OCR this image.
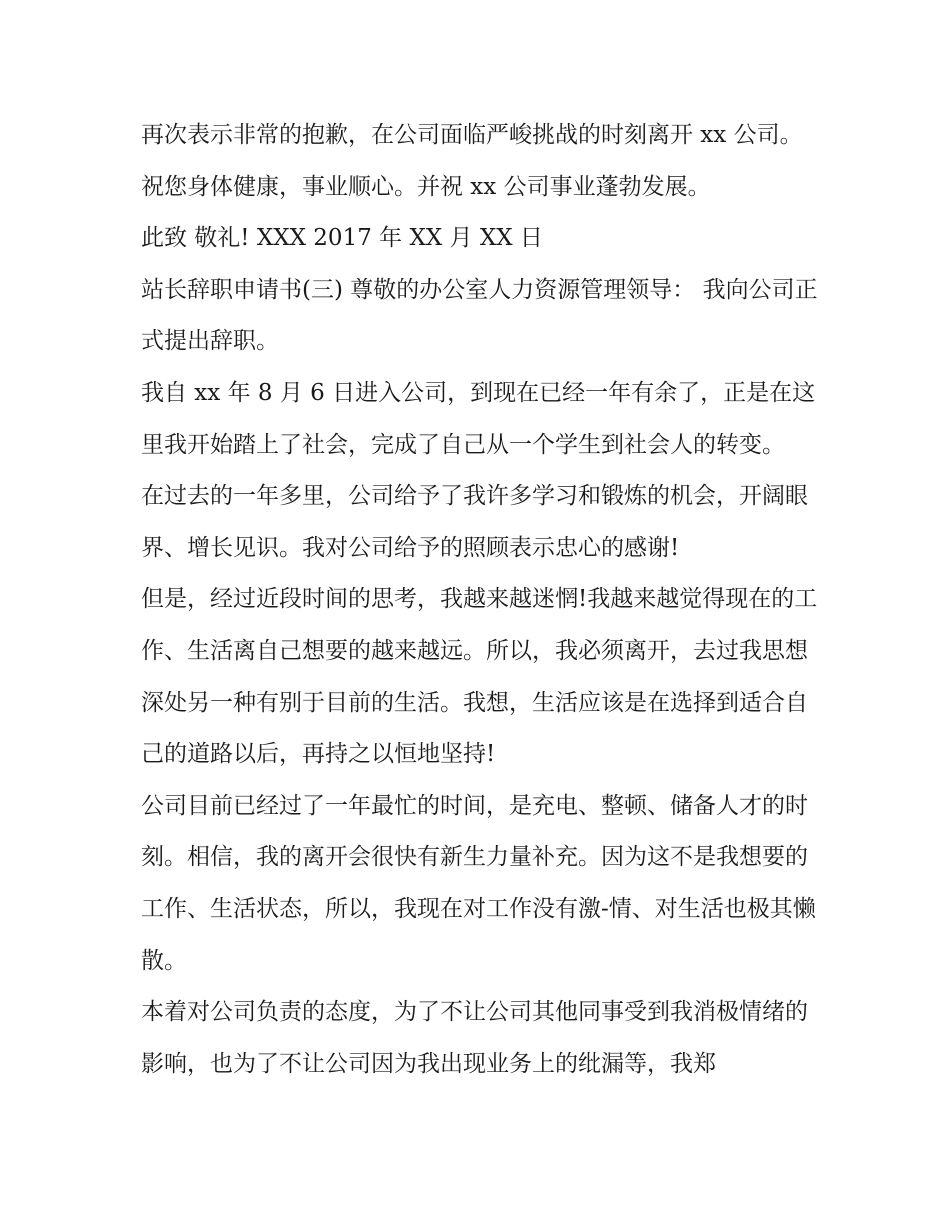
再次表示非常的抱歉，在公司面临严峻挑战的时刻离开 xx 公司。祝您身体健康，事业顺心。并祝 xx 公司事业蓬勃发展。

此致 敬礼! XXX 2017 年 XX 月 XX 日

站长辞职申请书(三) 尊敬的办公室人力资源管理领导： 我向公司正式提出辞职。

我自 xx 年 8 月 6 日进入公司，到现在已经一年有余了，正是在这里我开始踏上了社会，完成了自己从一个学生到社会人的转变。

在过去的一年多里，公司给予了我许多学习和锻炼的机会，开阔眼界、增长见识。我对公司给予的照顾表示忠心的感谢!

但是，经过近段时间的思考，我越来越迷惘!我越来越觉得现在的工作、生活离自己想要的越来越远。所以，我必须离开，去过我思想深处另一种有别于目前的生活。我想，生活应该是在选择到适合自己的道路以后，再持之以恒地坚持!

公司目前已经过了一年最忙的时间，是充电、整顿、储备人才的时刻。相信，我的离开会很快有新生力量补充。因为这不是我想要的工作、生活状态，所以，我现在对工作没有激-情、对生活也极其懒散。

本着对公司负责的态度，为了不让公司其他同事受到我消极情绪的影响，也为了不让公司因为我出现业务上的纰漏等，我郑
